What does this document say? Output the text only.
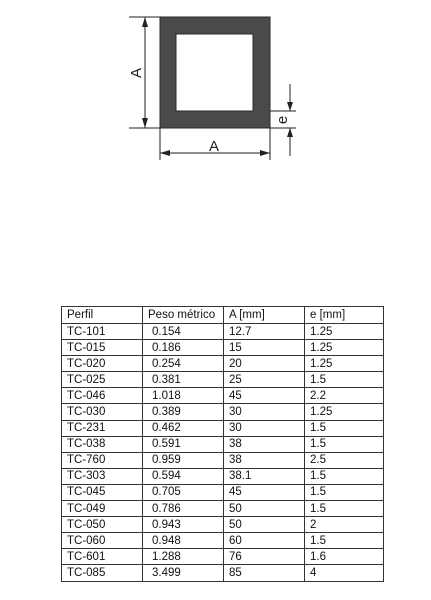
A
A
e
Perfil	Peso métrico	A [mm]	e [mm]
TC-101	0.154	12.7	1.25
TC-015	0.186	15	1.25
TC-020	0.254	20	1.25
TC-025	0.381	25	1.5
TC-046	1.018	45	2.2
TC-030	0.389	30	1.25
TC-231	0.462	30	1.5
TC-038	0.591	38	1.5
TC-760	0.959	38	2.5
TC-303	0.594	38.1	1.5
TC-045	0.705	45	1.5
TC-049	0.786	50	1.5
TC-050	0.943	50	2
TC-060	0.948	60	1.5
TC-601	1.288	76	1.6
TC-085	3.499	85	4
